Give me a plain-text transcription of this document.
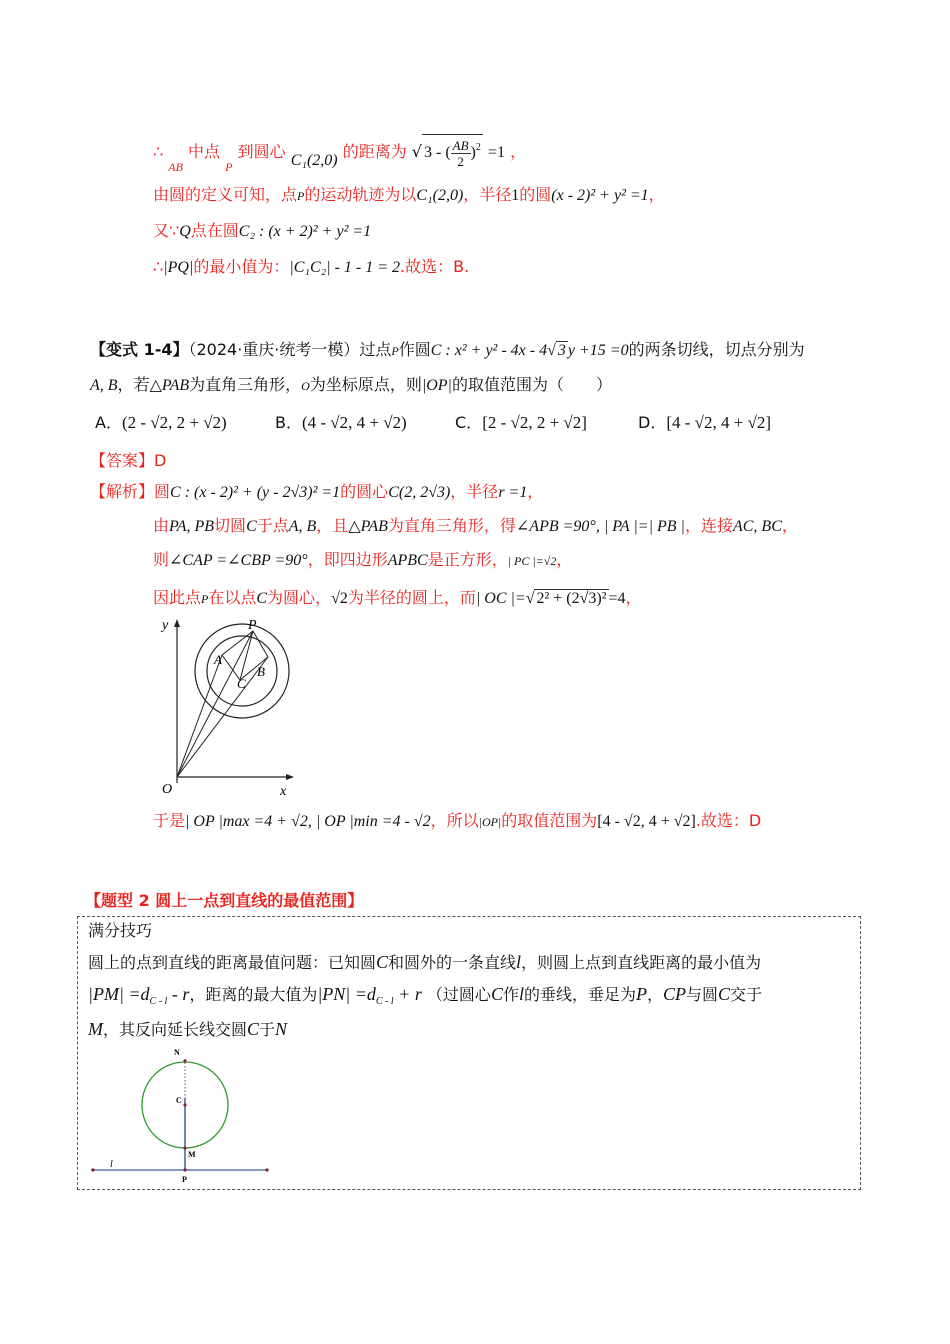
∴ $_{AB}$ 中点 $_P$ 到圆心 C₁(2,0) 的距离为 √ 3 - ( $\frac{AB}{2} )^2 =1$ ，
由圆的定义可知，点P的运动轨迹为以C₁(2,0)，半径1的圆(x - 2)² + y² =1，
又∵Q点在圆C₂ : (x + 2)² + y² =1
∴|PQ|的最小值为：|C₁C₂| - 1 - 1 = 2.故选：B.
【变式 1-4】（2024·重庆·统考一模）过点P作圆C : x² + y² - 4x - 4√ 3 y +15 =0的两条切线，切点分别为
A, B，若△PAB为直角三角形，O为坐标原点，则|OP|的取值范围为（　　）
A．(2 - √2, 2 + √2)	B．(4 - √2, 4 + √2)	C．[2 - √2, 2 + √2]	D．[4 - √2, 4 + √2]
【答案】D
【解析】圆C : (x - 2)² + (y - 2√3)² =1的圆心C(2, 2√3)，半径r =1，
由PA, PB切圆C于点A, B，且△PAB为直角三角形，得∠APB =90°, | PA |=| PB |，连接AC, BC，
则∠CAP =∠CBP =90°，即四边形APBC是正方形，| PC |=√2，
因此点P在以点C为圆心，√2为半径的圆上，而| OC |=√ 2² + (2√3)² =4，
y
x
O
P
A
B
C
于是| OP |max =4 + √2, | OP |min =4 - √2，所以|OP|的取值范围为[4 - √2, 4 + √2].故选：D
【题型 2 圆上一点到直线的最值范围】
满分技巧
圆上的点到直线的距离最值问题：已知圆C和圆外的一条直线l，则圆上点到直线距离的最小值为
$|PM| =d_{C - l} - r$，距离的最大值为$|PN| =d_{C - l} + r$ （过圆心C作l的垂线，垂足为P，CP与圆C交于
M，其反向延长线交圆C于N
N
C
M
P
l
